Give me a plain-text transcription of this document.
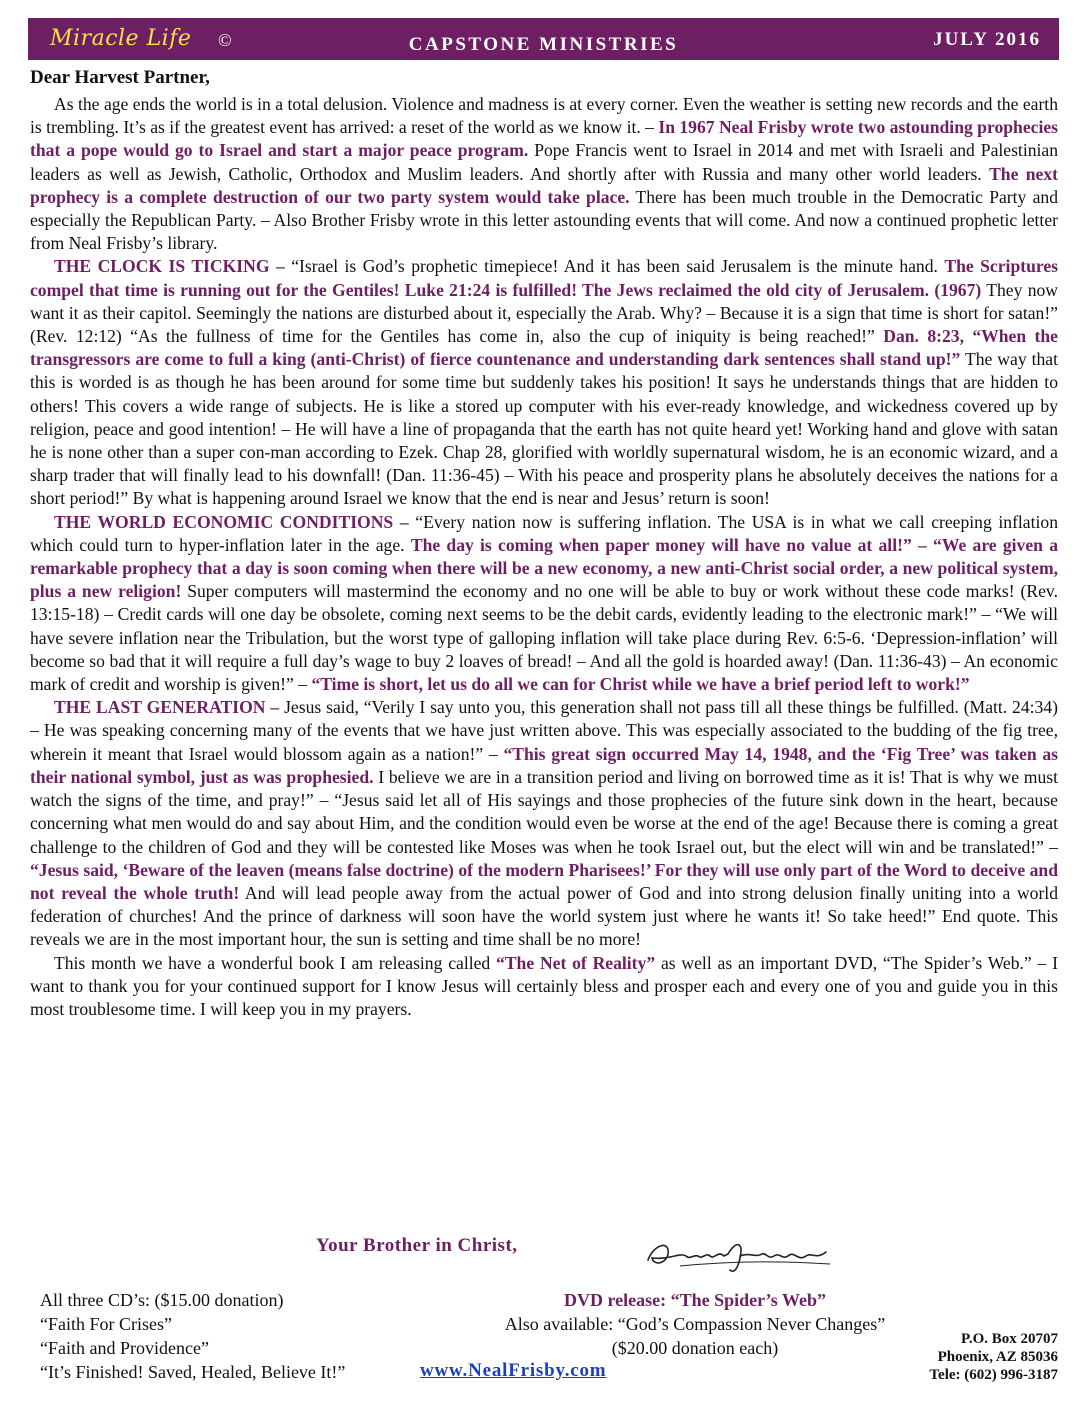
Miracle Life ©	CAPSTONE MINISTRIES	JULY 2016
Dear Harvest Partner,

As the age ends the world is in a total delusion. Violence and madness is at every corner. Even the weather is setting new records and the earth is trembling. It’s as if the greatest event has arrived: a reset of the world as we know it. – In 1967 Neal Frisby wrote two astounding prophecies that a pope would go to Israel and start a major peace program. Pope Francis went to Israel in 2014 and met with Israeli and Palestinian leaders as well as Jewish, Catholic, Orthodox and Muslim leaders. And shortly after with Russia and many other world leaders. The next prophecy is a complete destruction of our two party system would take place. There has been much trouble in the Democratic Party and especially the Republican Party. – Also Brother Frisby wrote in this letter astounding events that will come. And now a continued prophetic letter from Neal Frisby’s library.

THE CLOCK IS TICKING – “Israel is God’s prophetic timepiece! And it has been said Jerusalem is the minute hand. The Scriptures compel that time is running out for the Gentiles! Luke 21:24 is fulfilled! The Jews reclaimed the old city of Jerusalem. (1967) They now want it as their capitol. Seemingly the nations are disturbed about it, especially the Arab. Why? – Because it is a sign that time is short for satan!” (Rev. 12:12) “As the fullness of time for the Gentiles has come in, also the cup of iniquity is being reached!” Dan. 8:23, “When the transgressors are come to full a king (anti-Christ) of fierce countenance and understanding dark sentences shall stand up!” The way that this is worded is as though he has been around for some time but suddenly takes his position! It says he understands things that are hidden to others! This covers a wide range of subjects. He is like a stored up computer with his ever-ready knowledge, and wickedness covered up by religion, peace and good intention! – He will have a line of propaganda that the earth has not quite heard yet! Working hand and glove with satan he is none other than a super con-man according to Ezek. Chap 28, glorified with worldly supernatural wisdom, he is an economic wizard, and a sharp trader that will finally lead to his downfall! (Dan. 11:36-45) – With his peace and prosperity plans he absolutely deceives the nations for a short period!” By what is happening around Israel we know that the end is near and Jesus’ return is soon!

THE WORLD ECONOMIC CONDITIONS – “Every nation now is suffering inflation. The USA is in what we call creeping inflation which could turn to hyper-inflation later in the age. The day is coming when paper money will have no value at all!” – “We are given a remarkable prophecy that a day is soon coming when there will be a new economy, a new anti-Christ social order, a new political system, plus a new religion! Super computers will mastermind the economy and no one will be able to buy or work without these code marks! (Rev. 13:15-18) – Credit cards will one day be obsolete, coming next seems to be the debit cards, evidently leading to the electronic mark!” – “We will have severe inflation near the Tribulation, but the worst type of galloping inflation will take place during Rev. 6:5-6. ‘Depression-inflation’ will become so bad that it will require a full day’s wage to buy 2 loaves of bread! – And all the gold is hoarded away! (Dan. 11:36-43) – An economic mark of credit and worship is given!” – “Time is short, let us do all we can for Christ while we have a brief period left to work!”

THE LAST GENERATION – Jesus said, “Verily I say unto you, this generation shall not pass till all these things be fulfilled. (Matt. 24:34) – He was speaking concerning many of the events that we have just written above. This was especially associated to the budding of the fig tree, wherein it meant that Israel would blossom again as a nation!” – “This great sign occurred May 14, 1948, and the ‘Fig Tree’ was taken as their national symbol, just as was prophesied. I believe we are in a transition period and living on borrowed time as it is! That is why we must watch the signs of the time, and pray!” – “Jesus said let all of His sayings and those prophecies of the future sink down in the heart, because concerning what men would do and say about Him, and the condition would even be worse at the end of the age! Because there is coming a great challenge to the children of God and they will be contested like Moses was when he took Israel out, but the elect will win and be translated!” – “Jesus said, ‘Beware of the leaven (means false doctrine) of the modern Pharisees!’ For they will use only part of the Word to deceive and not reveal the whole truth! And will lead people away from the actual power of God and into strong delusion finally uniting into a world federation of churches! And the prince of darkness will soon have the world system just where he wants it! So take heed!” End quote. This reveals we are in the most important hour, the sun is setting and time shall be no more!

This month we have a wonderful book I am releasing called “The Net of Reality” as well as an important DVD, “The Spider’s Web.” – I want to thank you for your continued support for I know Jesus will certainly bless and prosper each and every one of you and guide you in this most troublesome time. I will keep you in my prayers.

Your Brother in Christ,
All three CD’s: ($15.00 donation)
“Faith For Crises”
“Faith and Providence”
“It’s Finished! Saved, Healed, Believe It!”
DVD release: “The Spider’s Web”
Also available: “God’s Compassion Never Changes”
($20.00 donation each)
www.NealFrisby.com
P.O. Box 20707
Phoenix, AZ 85036
Tele: (602) 996-3187
